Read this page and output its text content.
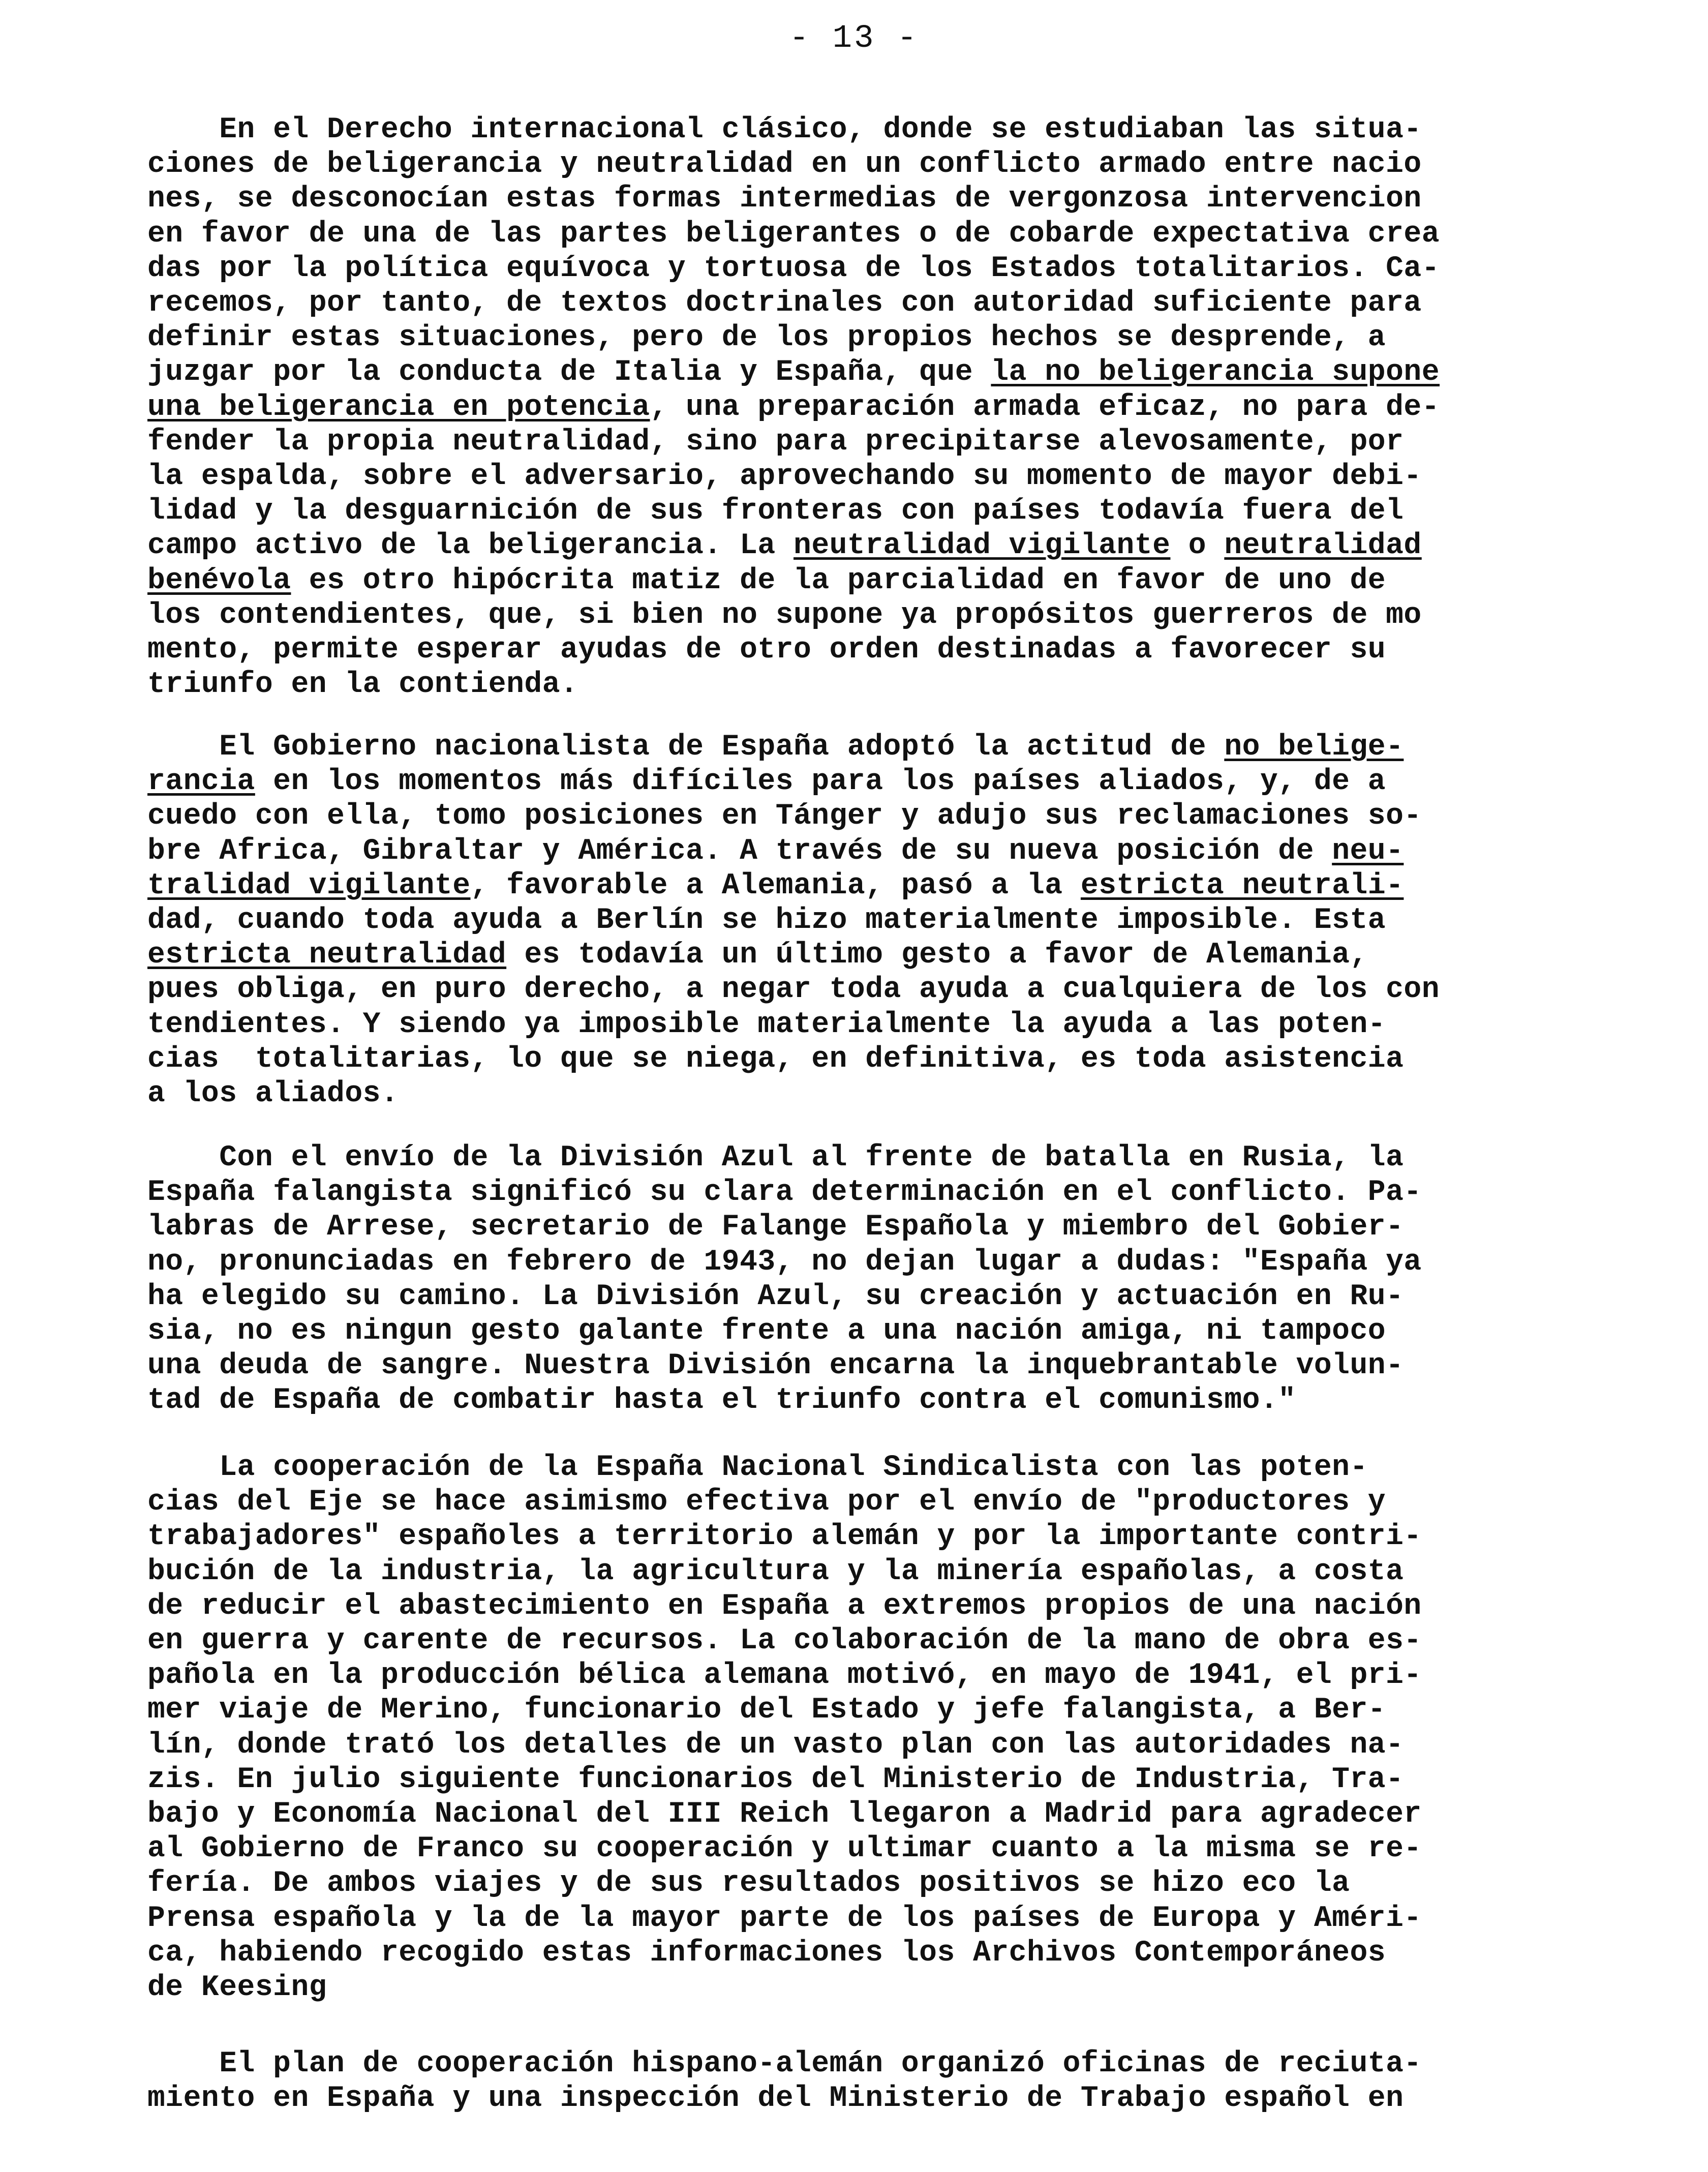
- 13 -

En el Derecho internacional clásico, donde se estudiaban las situa-
ciones de beligerancia y neutralidad en un conflicto armado entre nacio
nes, se desconocían estas formas intermedias de vergonzosa intervencion
en favor de una de las partes beligerantes o de cobarde expectativa crea
das por la política equívoca y tortuosa de los Estados totalitarios. Ca-
recemos, por tanto, de textos doctrinales con autoridad suficiente para
definir estas situaciones, pero de los propios hechos se desprende, a
juzgar por la conducta de Italia y España, que la no beligerancia supone
una beligerancia en potencia, una preparación armada eficaz, no para de-
fender la propia neutralidad, sino para precipitarse alevosamente, por
la espalda, sobre el adversario, aprovechando su momento de mayor debi-
lidad y la desguarnición de sus fronteras con países todavía fuera del
campo activo de la beligerancia. La neutralidad vigilante o neutralidad
benévola es otro hipócrita matiz de la parcialidad en favor de uno de
los contendientes, que, si bien no supone ya propósitos guerreros de mo
mento, permite esperar ayudas de otro orden destinadas a favorecer su
triunfo en la contienda.

El Gobierno nacionalista de España adoptó la actitud de no belige-
rancia en los momentos más difíciles para los países aliados, y, de a
cuedo con ella, tomo posiciones en Tánger y adujo sus reclamaciones so-
bre Africa, Gibraltar y América. A través de su nueva posición de neu-
tralidad vigilante, favorable a Alemania, pasó a la estricta neutrali-
dad, cuando toda ayuda a Berlín se hizo materialmente imposible. Esta
estricta neutralidad es todavía un último gesto a favor de Alemania,
pues obliga, en puro derecho, a negar toda ayuda a cualquiera de los con
tendientes. Y siendo ya imposible materialmente la ayuda a las poten-
cias  totalitarias, lo que se niega, en definitiva, es toda asistencia
a los aliados.

Con el envío de la División Azul al frente de batalla en Rusia, la
España falangista significó su clara determinación en el conflicto. Pa-
labras de Arrese, secretario de Falange Española y miembro del Gobier-
no, pronunciadas en febrero de 1943, no dejan lugar a dudas: "España ya
ha elegido su camino. La División Azul, su creación y actuación en Ru-
sia, no es ningun gesto galante frente a una nación amiga, ni tampoco
una deuda de sangre. Nuestra División encarna la inquebrantable volun-
tad de España de combatir hasta el triunfo contra el comunismo."

La cooperación de la España Nacional Sindicalista con las poten-
cias del Eje se hace asimismo efectiva por el envío de "productores y
trabajadores" españoles a territorio alemán y por la importante contri-
bución de la industria, la agricultura y la minería españolas, a costa
de reducir el abastecimiento en España a extremos propios de una nación
en guerra y carente de recursos. La colaboración de la mano de obra es-
pañola en la producción bélica alemana motivó, en mayo de 1941, el pri-
mer viaje de Merino, funcionario del Estado y jefe falangista, a Ber-
lín, donde trató los detalles de un vasto plan con las autoridades na-
zis. En julio siguiente funcionarios del Ministerio de Industria, Tra-
bajo y Economía Nacional del III Reich llegaron a Madrid para agradecer
al Gobierno de Franco su cooperación y ultimar cuanto a la misma se re-
fería. De ambos viajes y de sus resultados positivos se hizo eco la
Prensa española y la de la mayor parte de los países de Europa y Améri-
ca, habiendo recogido estas informaciones los Archivos Contemporáneos
de Keesing

El plan de cooperación hispano-alemán organizó oficinas de reciuta-
miento en España y una inspección del Ministerio de Trabajo español en
